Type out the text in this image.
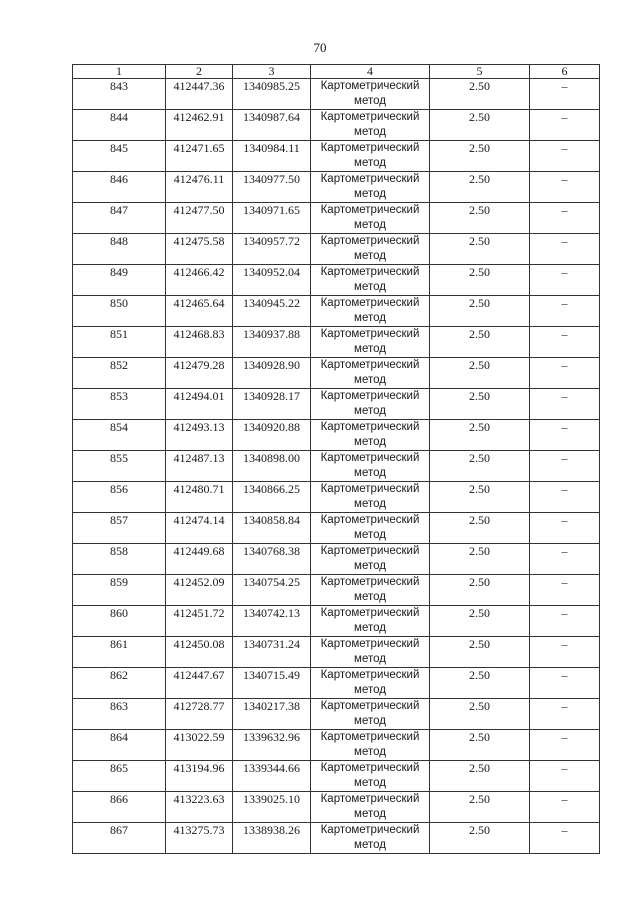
70
1	2	3	4	5	6
843	412447.36	1340985.25	Картометрический метод	2.50	–
844	412462.91	1340987.64	Картометрический метод	2.50	–
845	412471.65	1340984.11	Картометрический метод	2.50	–
846	412476.11	1340977.50	Картометрический метод	2.50	–
847	412477.50	1340971.65	Картометрический метод	2.50	–
848	412475.58	1340957.72	Картометрический метод	2.50	–
849	412466.42	1340952.04	Картометрический метод	2.50	–
850	412465.64	1340945.22	Картометрический метод	2.50	–
851	412468.83	1340937.88	Картометрический метод	2.50	–
852	412479.28	1340928.90	Картометрический метод	2.50	–
853	412494.01	1340928.17	Картометрический метод	2.50	–
854	412493.13	1340920.88	Картометрический метод	2.50	–
855	412487.13	1340898.00	Картометрический метод	2.50	–
856	412480.71	1340866.25	Картометрический метод	2.50	–
857	412474.14	1340858.84	Картометрический метод	2.50	–
858	412449.68	1340768.38	Картометрический метод	2.50	–
859	412452.09	1340754.25	Картометрический метод	2.50	–
860	412451.72	1340742.13	Картометрический метод	2.50	–
861	412450.08	1340731.24	Картометрический метод	2.50	–
862	412447.67	1340715.49	Картометрический метод	2.50	–
863	412728.77	1340217.38	Картометрический метод	2.50	–
864	413022.59	1339632.96	Картометрический метод	2.50	–
865	413194.96	1339344.66	Картометрический метод	2.50	–
866	413223.63	1339025.10	Картометрический метод	2.50	–
867	413275.73	1338938.26	Картометрический метод	2.50	–
